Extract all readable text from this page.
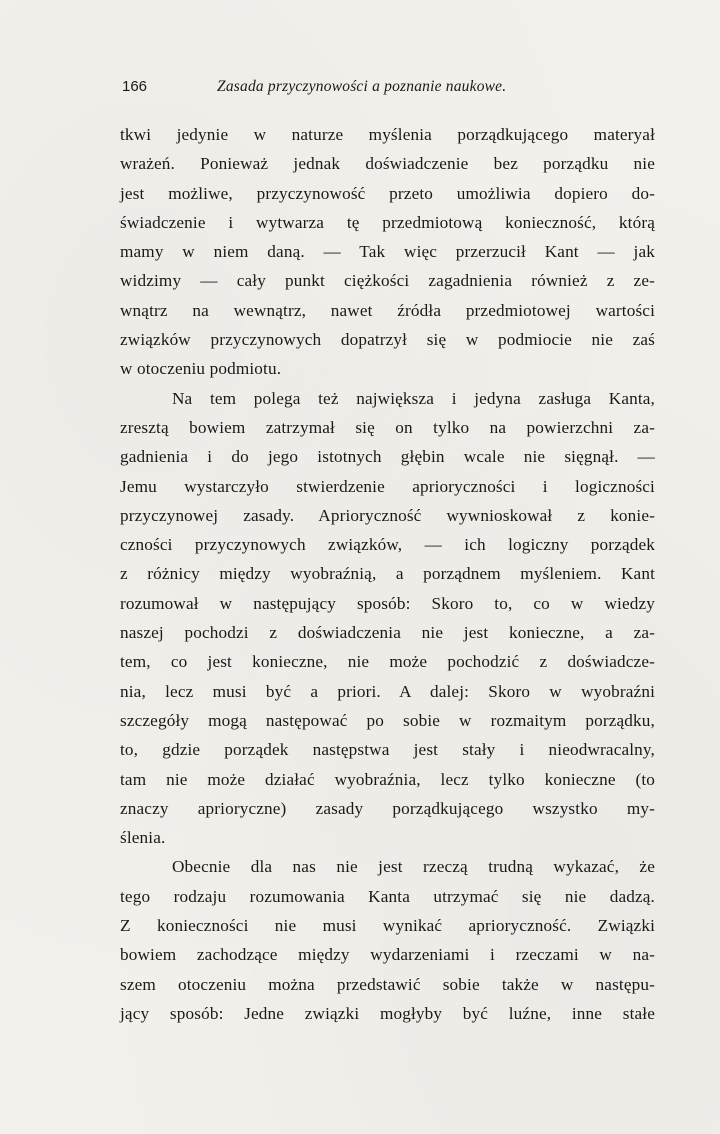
166	Zasada przyczynowości a poznanie naukowe.
tkwi jedynie w naturze myślenia porządkującego materyał
wrażeń. Ponieważ jednak doświadczenie bez porządku nie
jest możliwe, przyczynowość przeto umożliwia dopiero do-
świadczenie i wytwarza tę przedmiotową konieczność, którą
mamy w niem daną. — Tak więc przerzucił Kant — jak
widzimy — cały punkt ciężkości zagadnienia również z ze-
wnątrz na wewnątrz, nawet źródła przedmiotowej wartości
związków przyczynowych dopatrzył się w podmiocie nie zaś
w otoczeniu podmiotu.
Na tem polega też największa i jedyna zasługa Kanta,
zresztą bowiem zatrzymał się on tylko na powierzchni za-
gadnienia i do jego istotnych głębin wcale nie sięgnął. —
Jemu wystarczyło stwierdzenie aprioryczności i logiczności
przyczynowej zasady. Aprioryczność wywnioskował z konie-
czności przyczynowych związków, — ich logiczny porządek
z różnicy między wyobraźnią, a porządnem myśleniem. Kant
rozumował w następujący sposób: Skoro to, co w wiedzy
naszej pochodzi z doświadczenia nie jest konieczne, a za-
tem, co jest konieczne, nie może pochodzić z doświadcze-
nia, lecz musi być a priori. A dalej: Skoro w wyobraźni
szczegóły mogą następować po sobie w rozmaitym porządku,
to, gdzie porządek następstwa jest stały i nieodwracalny,
tam nie może działać wyobraźnia, lecz tylko konieczne (to
znaczy aprioryczne) zasady porządkującego wszystko my-
ślenia.
Obecnie dla nas nie jest rzeczą trudną wykazać, że
tego rodzaju rozumowania Kanta utrzymać się nie dadzą.
Z konieczności nie musi wynikać aprioryczność. Związki
bowiem zachodzące między wydarzeniami i rzeczami w na-
szem otoczeniu można przedstawić sobie także w następu-
jący sposób: Jedne związki mogłyby być luźne, inne stałe
